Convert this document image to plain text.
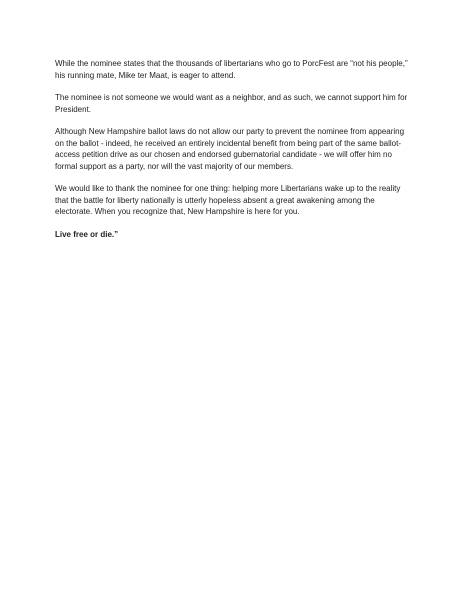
While the nominee states that the thousands of libertarians who go to PorcFest are “not his people,” his running mate, Mike ter Maat, is eager to attend.

The nominee is not someone we would want as a neighbor, and as such, we cannot support him for President.

Although New Hampshire ballot laws do not allow our party to prevent the nominee from appearing on the ballot - indeed, he received an entirely incidental benefit from being part of the same ballot-access petition drive as our chosen and endorsed gubernatorial candidate - we will offer him no formal support as a party, nor will the vast majority of our members.

We would like to thank the nominee for one thing: helping more Libertarians wake up to the reality that the battle for liberty nationally is utterly hopeless absent a great awakening among the electorate. When you recognize that, New Hampshire is here for you.

Live free or die.”
